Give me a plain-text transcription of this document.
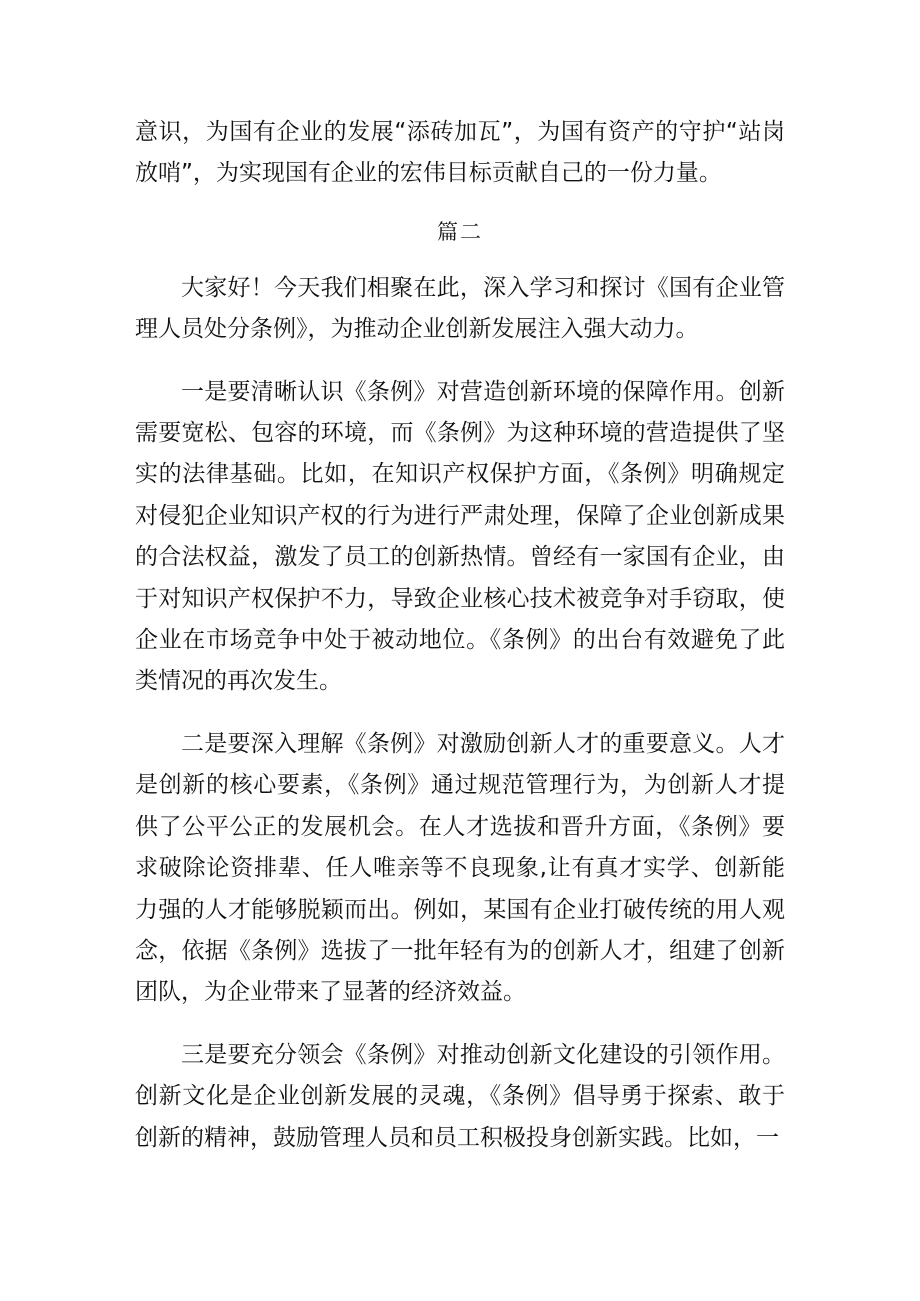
意识，为国有企业的发展“添砖加瓦”，为国有资产的守护“站岗放哨”，为实现国有企业的宏伟目标贡献自己的一份力量。

篇二

大家好！今天我们相聚在此，深入学习和探讨《国有企业管理人员处分条例》，为推动企业创新发展注入强大动力。

一是要清晰认识《条例》对营造创新环境的保障作用。创新需要宽松、包容的环境，而《条例》为这种环境的营造提供了坚实的法律基础。比如，在知识产权保护方面，《条例》明确规定对侵犯企业知识产权的行为进行严肃处理，保障了企业创新成果的合法权益，激发了员工的创新热情。曾经有一家国有企业，由于对知识产权保护不力，导致企业核心技术被竞争对手窃取，使企业在市场竞争中处于被动地位。《条例》的出台有效避免了此类情况的再次发生。

二是要深入理解《条例》对激励创新人才的重要意义。人才是创新的核心要素，《条例》通过规范管理行为，为创新人才提供了公平公正的发展机会。在人才选拔和晋升方面，《条例》要求破除论资排辈、任人唯亲等不良现象,让有真才实学、创新能力强的人才能够脱颖而出。例如，某国有企业打破传统的用人观念，依据《条例》选拔了一批年轻有为的创新人才，组建了创新团队，为企业带来了显著的经济效益。

三是要充分领会《条例》对推动创新文化建设的引领作用。创新文化是企业创新发展的灵魂，《条例》倡导勇于探索、敢于创新的精神，鼓励管理人员和员工积极投身创新实践。比如，一
